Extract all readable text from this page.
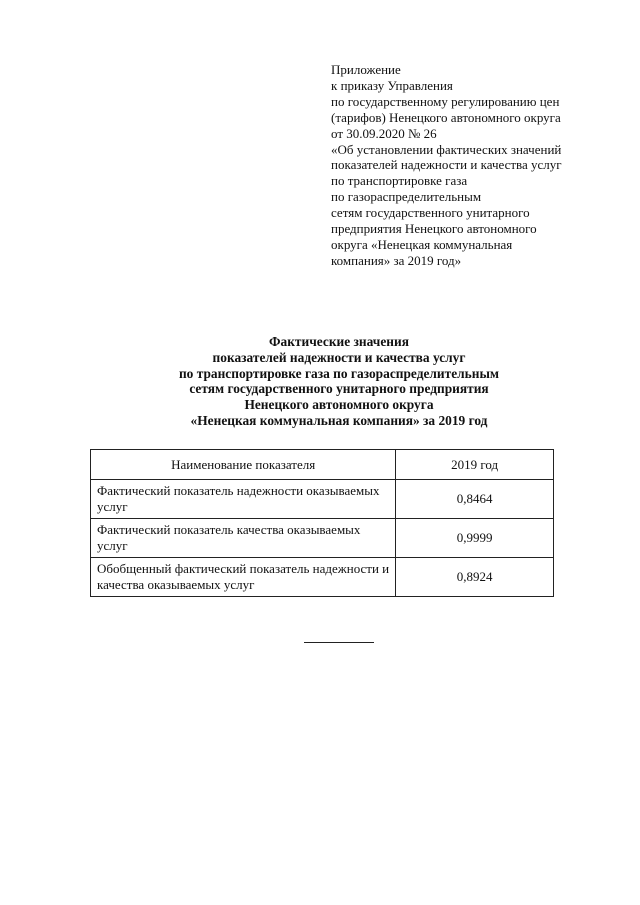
Приложение
к приказу Управления
по государственному регулированию цен
(тарифов) Ненецкого автономного округа
от 30.09.2020 № 26
«Об установлении фактических значений
показателей надежности и качества услуг
по транспортировке газа
по газораспределительным
сетям государственного унитарного
предприятия Ненецкого автономного
округа «Ненецкая коммунальная
компания» за 2019 год»
Фактические значения
показателей надежности и качества услуг
по транспортировке газа по газораспределительным
сетям государственного унитарного предприятия
Ненецкого автономного округа
«Ненецкая коммунальная компания» за 2019 год
Наименование показателя	2019 год
Фактический показатель надежности оказываемых услуг	0,8464
Фактический показатель качества оказываемых услуг	0,9999
Обобщенный фактический показатель надежности и качества оказываемых услуг	0,8924
